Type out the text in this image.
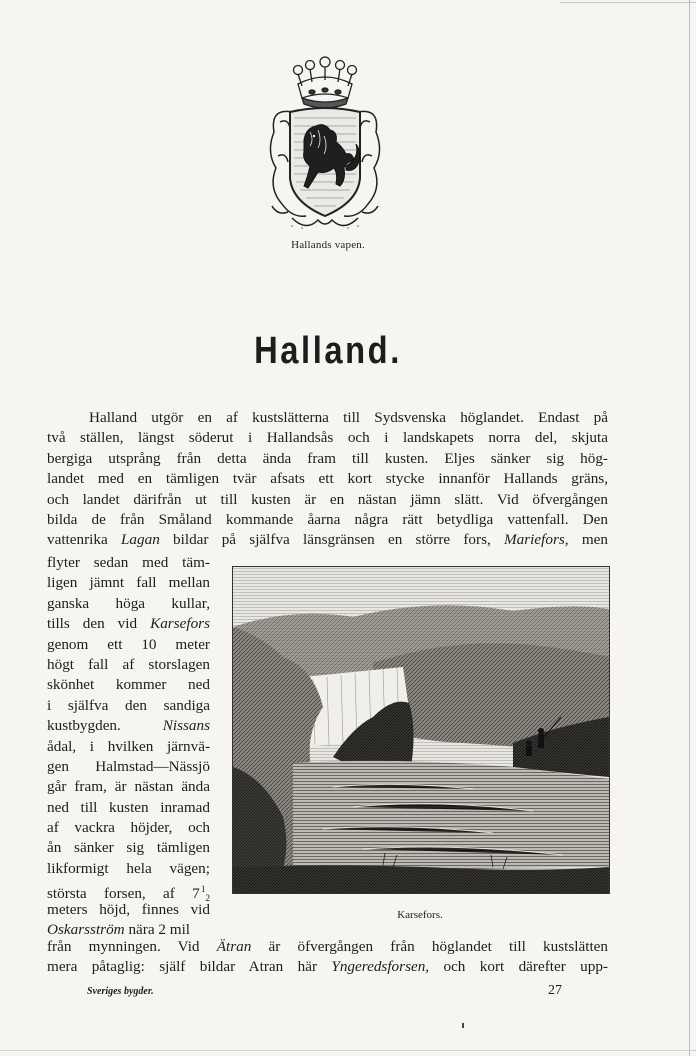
Hallands vapen.
Halland.
Halland utgör en af kustslätterna till Sydsvenska höglandet. Endast på
två ställen, längst söderut i Hallandsås och i landskapets norra del, skjuta
bergiga utsprång från detta ända fram till kusten. Eljes sänker sig hög-
landet med en tämligen tvär afsats ett kort stycke innanför Hallands gräns,
och landet därifrån ut till kusten är en nästan jämn slätt. Vid öfvergången
bilda de från Småland kommande åarna några rätt betydliga vattenfall. Den
vattenrika Lagan bildar på själfva länsgränsen en större fors, Mariefors, men
flyter sedan med täm-
ligen jämnt fall mellan
ganska höga kullar,
tills den vid Karsefors
genom ett 10 meter
högt fall af storslagen
skönhet kommer ned
i själfva den sandiga
kustbygden. Nissans
ådal, i hvilken järnvä-
gen Halmstad—Nässjö
går fram, är nästan ända
ned till kusten inramad
af vackra höjder, och
ån sänker sig tämligen
likformigt hela vägen;
största forsen, af 7 $^1_2$
meters höjd, finnes vid
Oskarsström nära 2 mil
Karsefors.
från mynningen. Vid Ätran är öfvergången från höglandet till kustslätten
mera påtaglig: själf bildar Atran här Yngeredsforsen, och kort därefter upp-
Sveriges bygder.	27
